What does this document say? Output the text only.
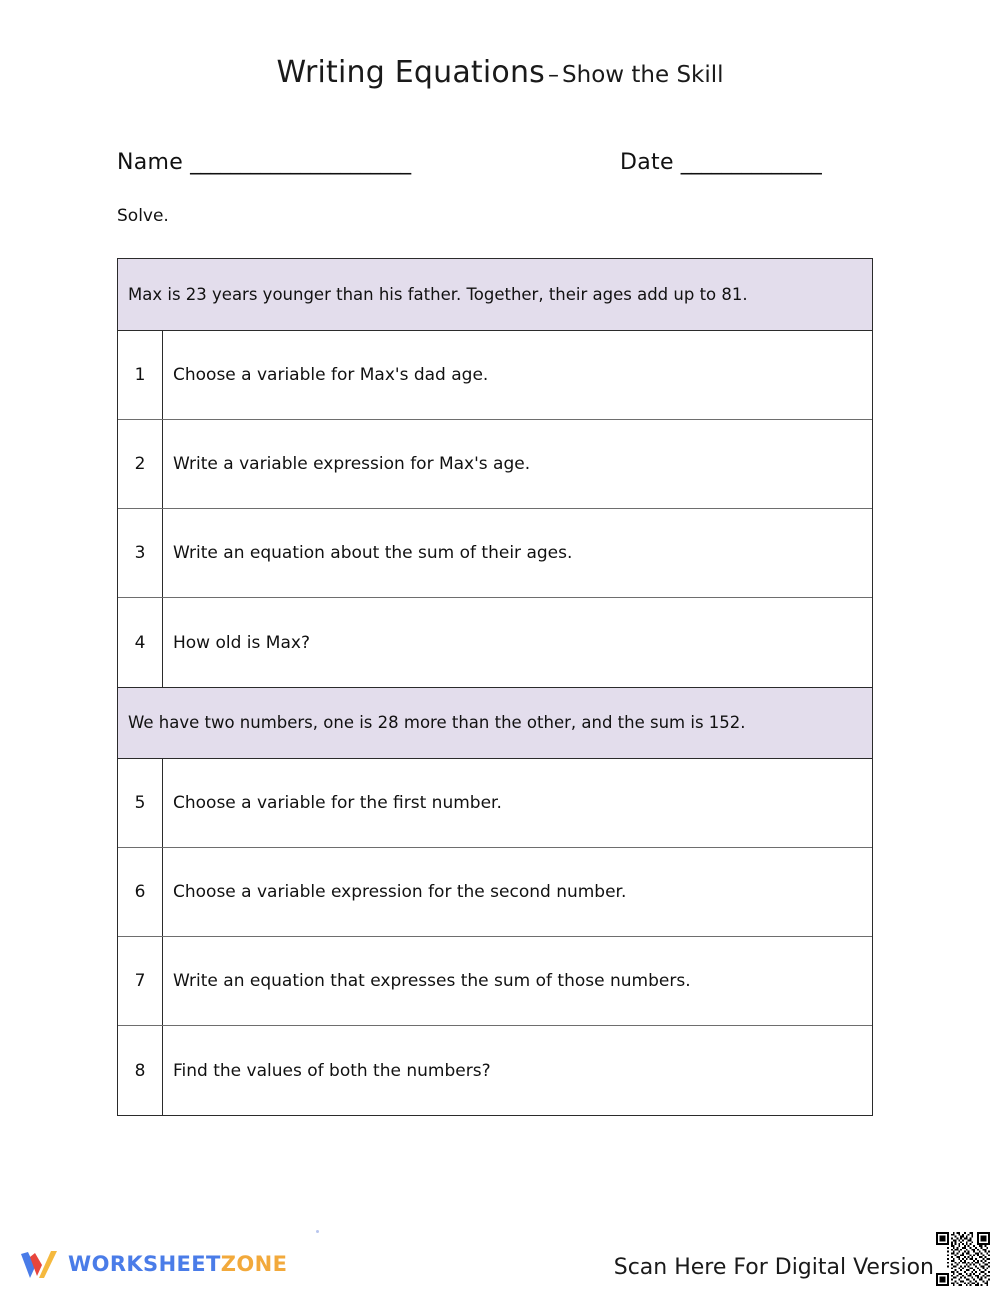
Writing Equations – Show the Skill
Name ______________________	Date ______________
Solve.
Max is 23 years younger than his father. Together, their ages add up to 81.
1	Choose a variable for Max's dad age.
2	Write a variable expression for Max's age.
3	Write an equation about the sum of their ages.
4	How old is Max?
We have two numbers, one is 28 more than the other, and the sum is 152.
5	Choose a variable for the first number.
6	Choose a variable expression for the second number.
7	Write an equation that expresses the sum of those numbers.
8	Find the values of both the numbers?
WORKSHEETZONE	Scan Here For Digital Version
